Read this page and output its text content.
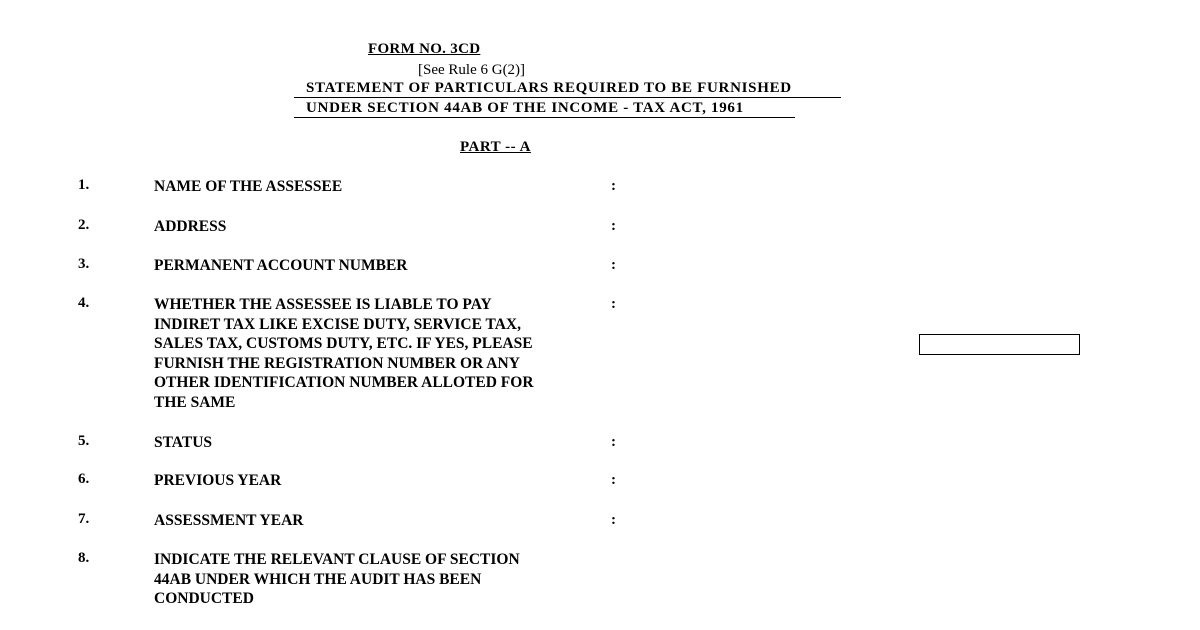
FORM NO. 3CD
[See Rule 6 G(2)]
STATEMENT OF PARTICULARS REQUIRED TO BE FURNISHED
UNDER SECTION 44AB OF THE INCOME - TAX ACT, 1961
PART -- A
1.	NAME OF THE ASSESSEE	:
2.	ADDRESS	:
3.	PERMANENT ACCOUNT NUMBER	:
4.	WHETHER THE ASSESSEE IS LIABLE TO PAY
INDIRET TAX LIKE EXCISE DUTY, SERVICE TAX,
SALES TAX, CUSTOMS DUTY, ETC. IF YES, PLEASE
FURNISH THE REGISTRATION NUMBER OR ANY
OTHER IDENTIFICATION NUMBER ALLOTED FOR
THE SAME
:
5.	STATUS	:
6.	PREVIOUS YEAR	:
7.	ASSESSMENT YEAR	:
8.	INDICATE THE RELEVANT CLAUSE OF SECTION
44AB UNDER WHICH THE AUDIT HAS BEEN
CONDUCTED
